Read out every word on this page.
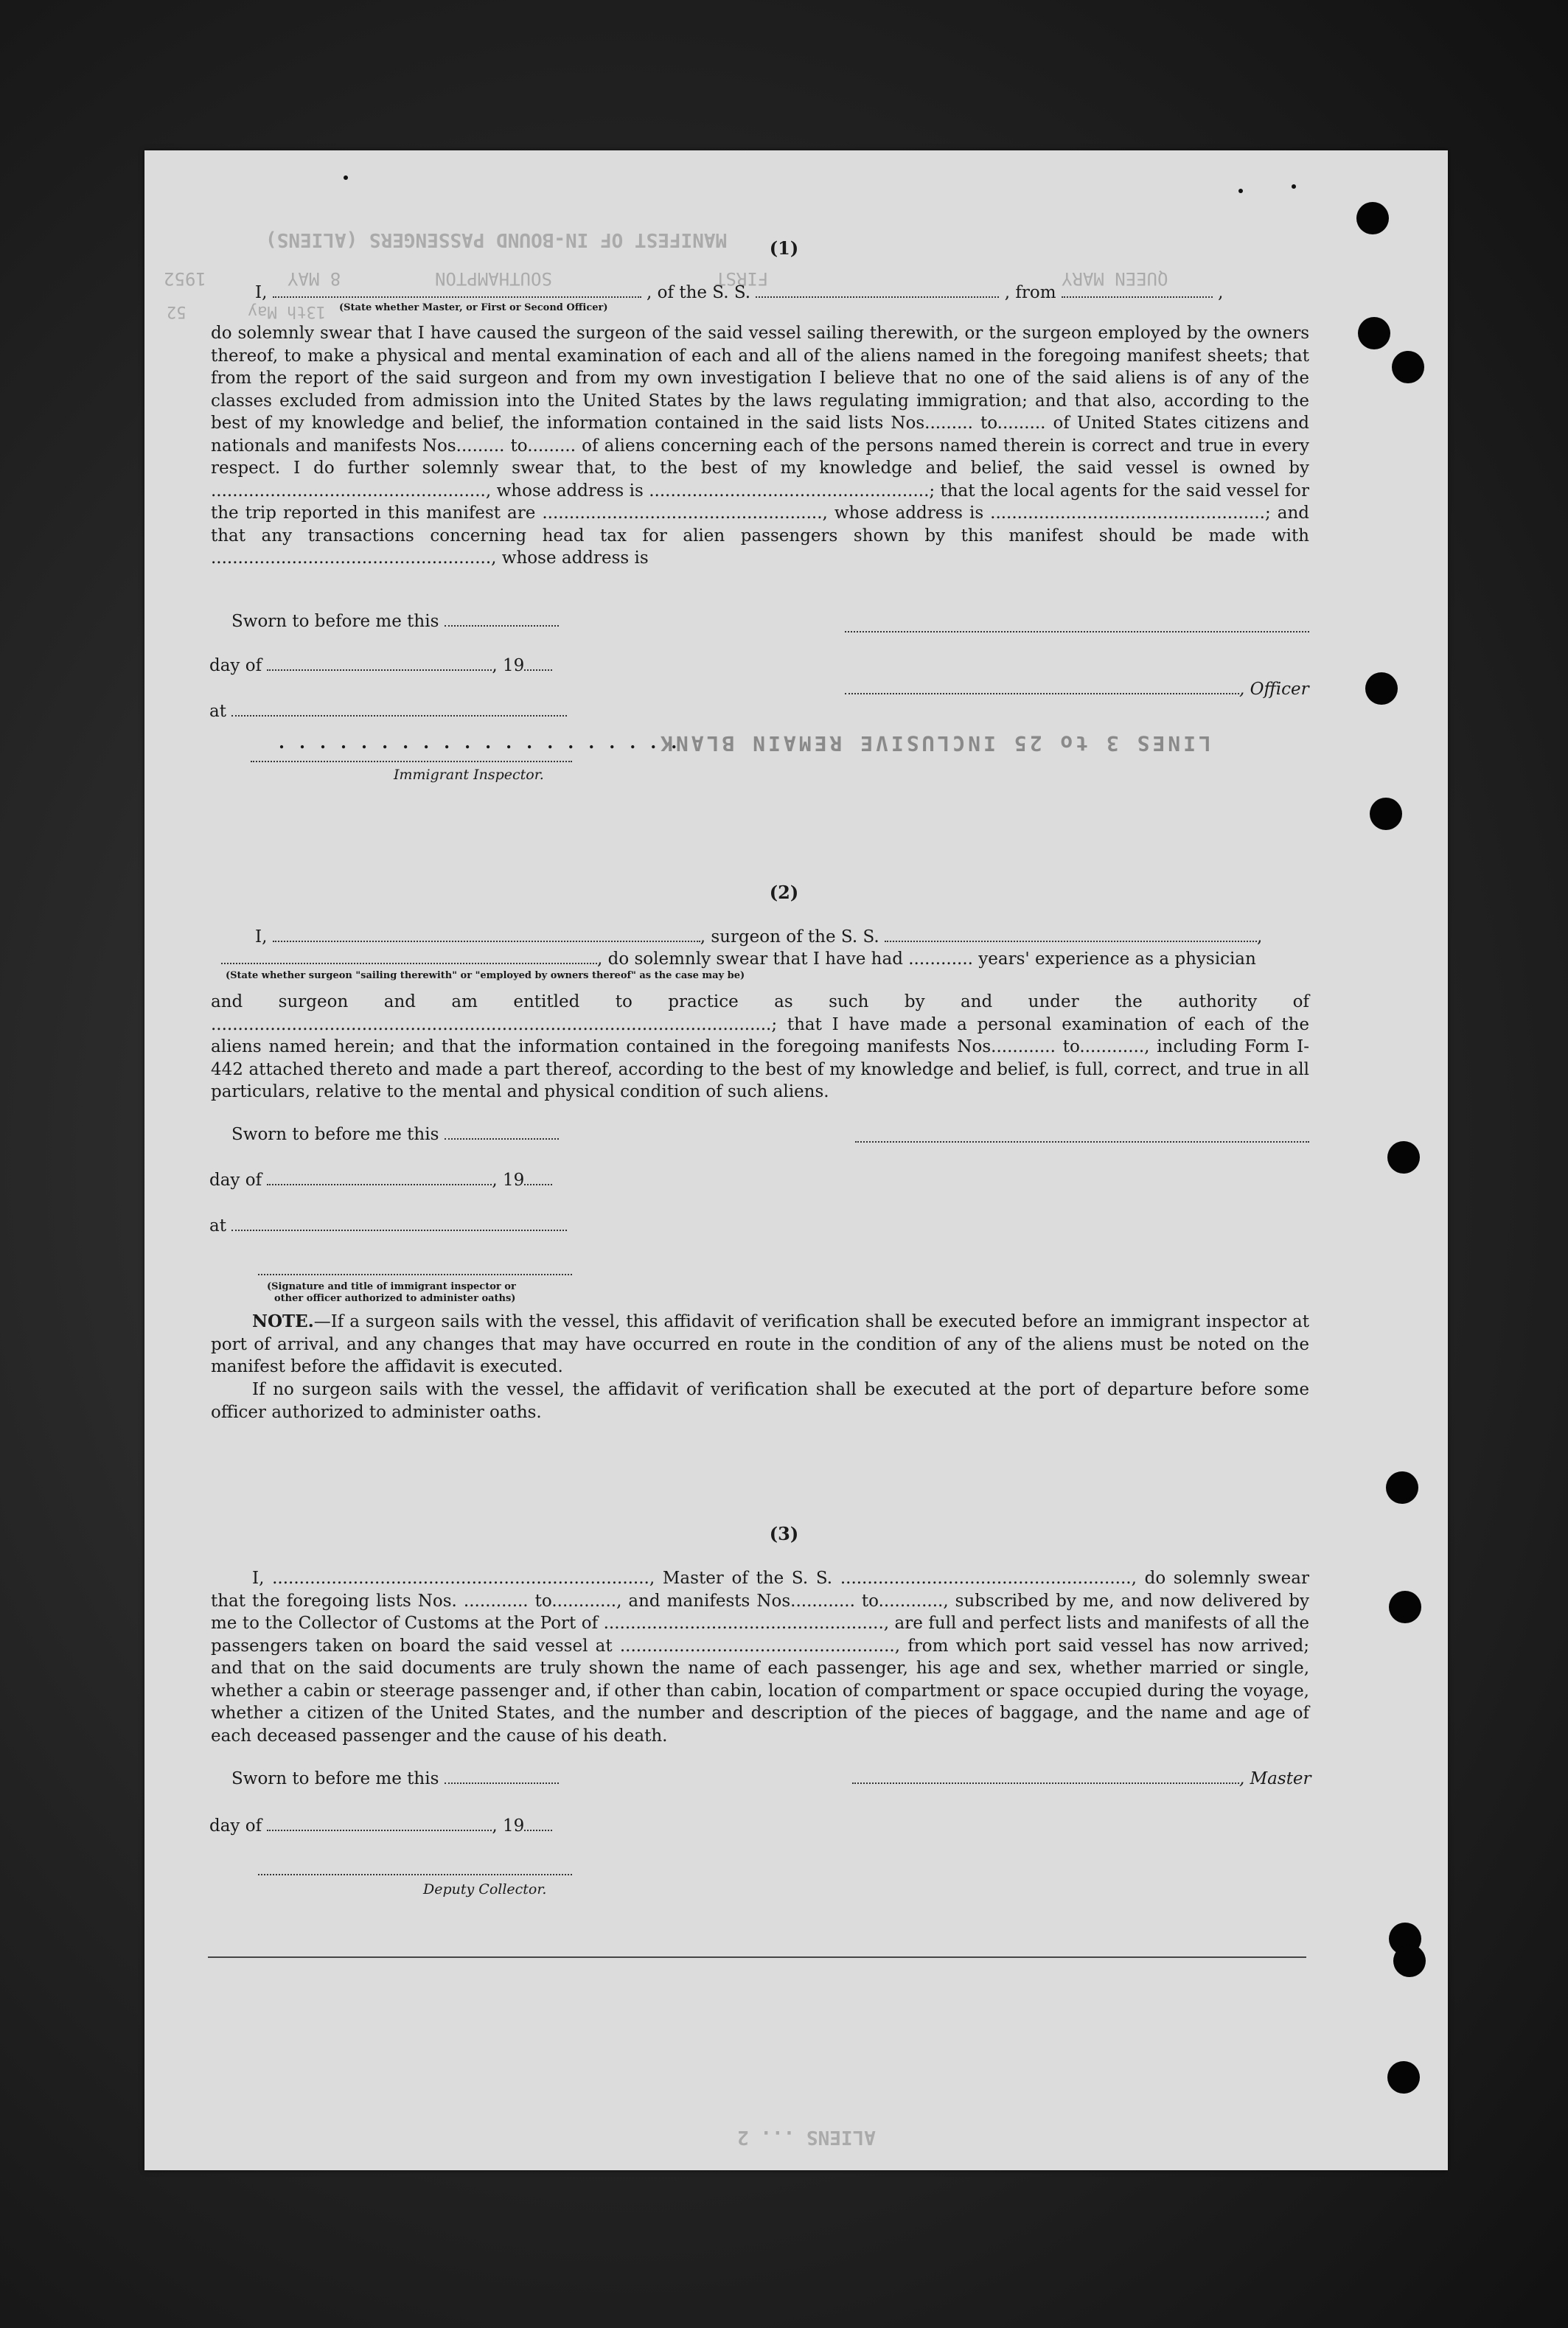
MANIFEST OF IN-BOUND PASSENGERS (ALIENS)
8 MAY	SOUTHAMPTON	FIRST
1952	QUEEN MARY
13th May
52
(1)
I,	, of the S. S.	, from	,
(State whether Master, or First or Second Officer)
do solemnly swear that I have caused the surgeon of the said vessel sailing therewith, or the surgeon employed by the owners thereof, to make a physical and mental examination of each and all of the aliens named in the foregoing manifest sheets; that from the report of the said surgeon and from my own investigation I believe that no one of the said aliens is of any of the classes excluded from admission into the United States by the laws regulating immigration; and that also, according to the best of my knowledge and belief, the information contained in the said lists Nos......... to......... of United States citizens and nationals and manifests Nos......... to......... of aliens concerning each of the persons named therein is correct and true in every respect. I do further solemnly swear that, to the best of my knowledge and belief, the said vessel is owned by ..................................................., whose address is ....................................................; that the local agents for the said vessel for the trip reported in this manifest are ...................................................., whose address is ...................................................; and that any transactions concerning head tax for alien passengers shown by this manifest should be made with ...................................................., whose address is
Sworn to before me this
day of	, 19
, Officer
at
. . . . . . . . . . . . . . . . . . . .
Immigrant Inspector.
LINES 3 to 25 INCLUSIVE REMAIN BLANK
(2)
I,	, surgeon of the S. S.	,
, do solemnly swear that I have had ............ years' experience as a physician
(State whether surgeon "sailing therewith" or "employed by owners thereof" as the case may be)
and surgeon and am entitled to practice as such by and under the authority of ........................................................................................................; that I have made a personal examination of each of the aliens named herein; and that the information contained in the foregoing manifests Nos............ to............, including Form I-442 attached thereto and made a part thereof, according to the best of my knowledge and belief, is full, correct, and true in all particulars, relative to the mental and physical condition of such aliens.
Sworn to before me this
day of	, 19
at
(Signature and title of immigrant inspector or
other officer authorized to administer oaths)
NOTE.—If a surgeon sails with the vessel, this affidavit of verification shall be executed before an immigrant inspector at port of arrival, and any changes that may have occurred en route in the condition of any of the aliens must be noted on the manifest before the affidavit is executed.
If no surgeon sails with the vessel, the affidavit of verification shall be executed at the port of departure before some officer authorized to administer oaths.
(3)
I, ......................................................................, Master of the S. S. ......................................................, do solemnly swear that the foregoing lists Nos. ............ to............, and manifests Nos............ to............, subscribed by me, and now delivered by me to the Collector of Customs at the Port of ...................................................., are full and perfect lists and manifests of all the passengers taken on board the said vessel at ..................................................., from which port said vessel has now arrived; and that on the said documents are truly shown the name of each passenger, his age and sex, whether married or single, whether a cabin or steerage passenger and, if other than cabin, location of compartment or space occupied during the voyage, whether a citizen of the United States, and the number and description of the pieces of baggage, and the name and age of each deceased passenger and the cause of his death.
Sworn to before me this	, Master
day of	, 19
Deputy Collector.
ALIENS ... 2
